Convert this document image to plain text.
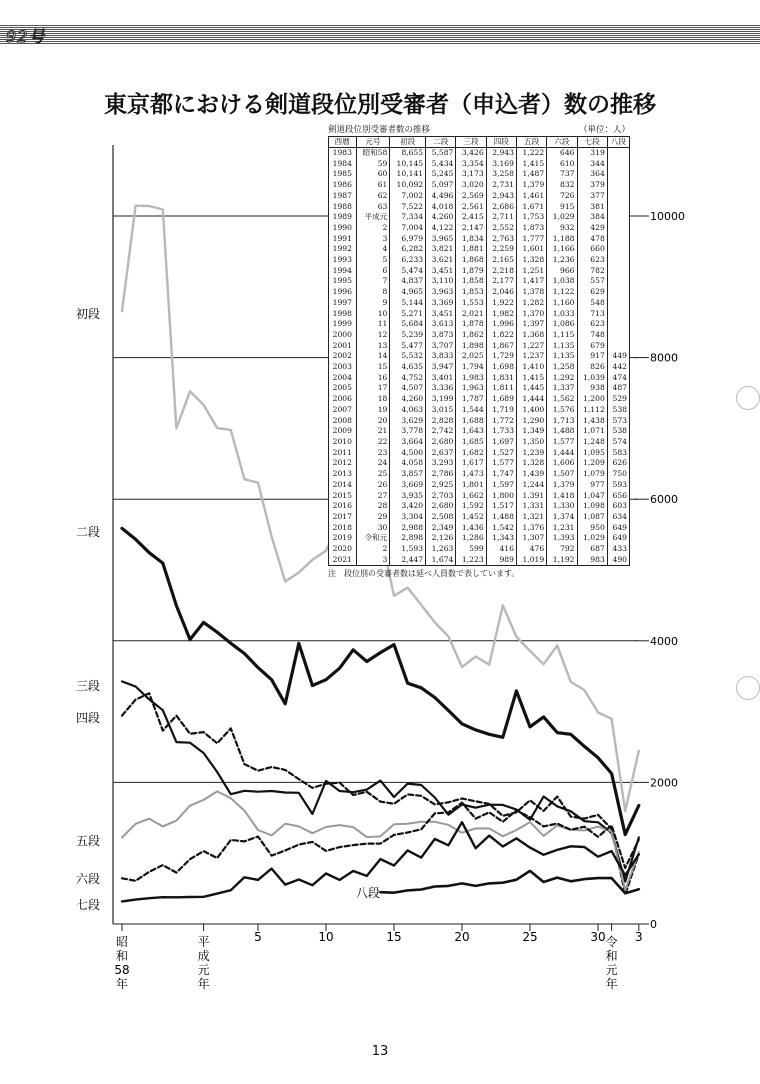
92号
東京都における剣道段位別受審者（申込者）数の推移
0
2000
4000
6000
8000
10000
昭
和
58
年
平
成
元
年
5	10	15	20	25	30 令
和
元
年
3
初段
二段
三段
四段
五段
六段
七段
八段
剣道段位別受審者数の推移	（単位：人）
西暦	元号	初段	二段	三段	四段	五段	六段	七段	八段
1983	昭和58	8,655	5,587	3,426	2,943	1,222	646	319	
1984	59	10,145	5,434	3,354	3,169	1,415	610	344	
1985	60	10,141	5,245	3,173	3,258	1,487	737	364	
1986	61	10,092	5,097	3,020	2,731	1,379	832	379	
1987	62	7,002	4,496	2,569	2,943	1,461	726	377	
1988	63	7,522	4,018	2,561	2,686	1,671	915	381	
1989	平成元	7,334	4,260	2,415	2,711	1,753	1,029	384	
1990	2	7,004	4,122	2,147	2,552	1,873	932	429	
1991	3	6,979	3,965	1,834	2,763	1,777	1,188	478	
1992	4	6,282	3,821	1,881	2,259	1,601	1,166	660	
1993	5	6,233	3,621	1,868	2,165	1,328	1,236	623	
1994	6	5,474	3,451	1,879	2,218	1,251	966	782	
1995	7	4,837	3,110	1,858	2,177	1,417	1,038	557	
1996	8	4,965	3,963	1,853	2,046	1,378	1,122	629	
1997	9	5,144	3,369	1,553	1,922	1,282	1,160	548	
1998	10	5,271	3,451	2,021	1,982	1,370	1,033	713	
1999	11	5,684	3,613	1,878	1,996	1,397	1,086	623	
2000	12	5,239	3,873	1,862	1,822	1,368	1,115	748	
2001	13	5,477	3,707	1,898	1,867	1,227	1,135	679	
2002	14	5,532	3,833	2,025	1,729	1,237	1,135	917	449
2003	15	4,635	3,947	1,794	1,698	1,410	1,258	826	442
2004	16	4,752	3,401	1,983	1,831	1,415	1,292	1,039	474
2005	17	4,507	3,336	1,963	1,811	1,445	1,337	938	487
2006	18	4,260	3,199	1,787	1,689	1,444	1,562	1,200	529
2007	19	4,063	3,015	1,544	1,719	1,400	1,576	1,112	538
2008	20	3,629	2,828	1,688	1,772	1,290	1,713	1,438	573
2009	21	3,778	2,742	1,643	1,733	1,349	1,488	1,071	538
2010	22	3,664	2,680	1,685	1,697	1,350	1,577	1,248	574
2011	23	4,500	2,637	1,682	1,527	1,239	1,444	1,095	583
2012	24	4,058	3,293	1,617	1,577	1,328	1,606	1,209	626
2013	25	3,857	2,786	1,473	1,747	1,439	1,507	1,079	750
2014	26	3,669	2,925	1,801	1,597	1,244	1,379	977	593
2015	27	3,935	2,703	1,662	1,800	1,391	1,418	1,047	656
2016	28	3,420	2,680	1,592	1,517	1,331	1,330	1,098	603
2017	29	3,304	2,508	1,452	1,488	1,321	1,374	1,087	634
2018	30	2,988	2,349	1,436	1,542	1,376	1,231	950	649
2019	令和元	2,898	2,126	1,286	1,343	1,307	1,393	1,029	649
2020	2	1,593	1,263	599	416	476	792	687	433
2021	3	2,447	1,674	1,223	989	1,019	1,192	983	490
注　段位別の受審者数は延べ人員数で表しています。
13
